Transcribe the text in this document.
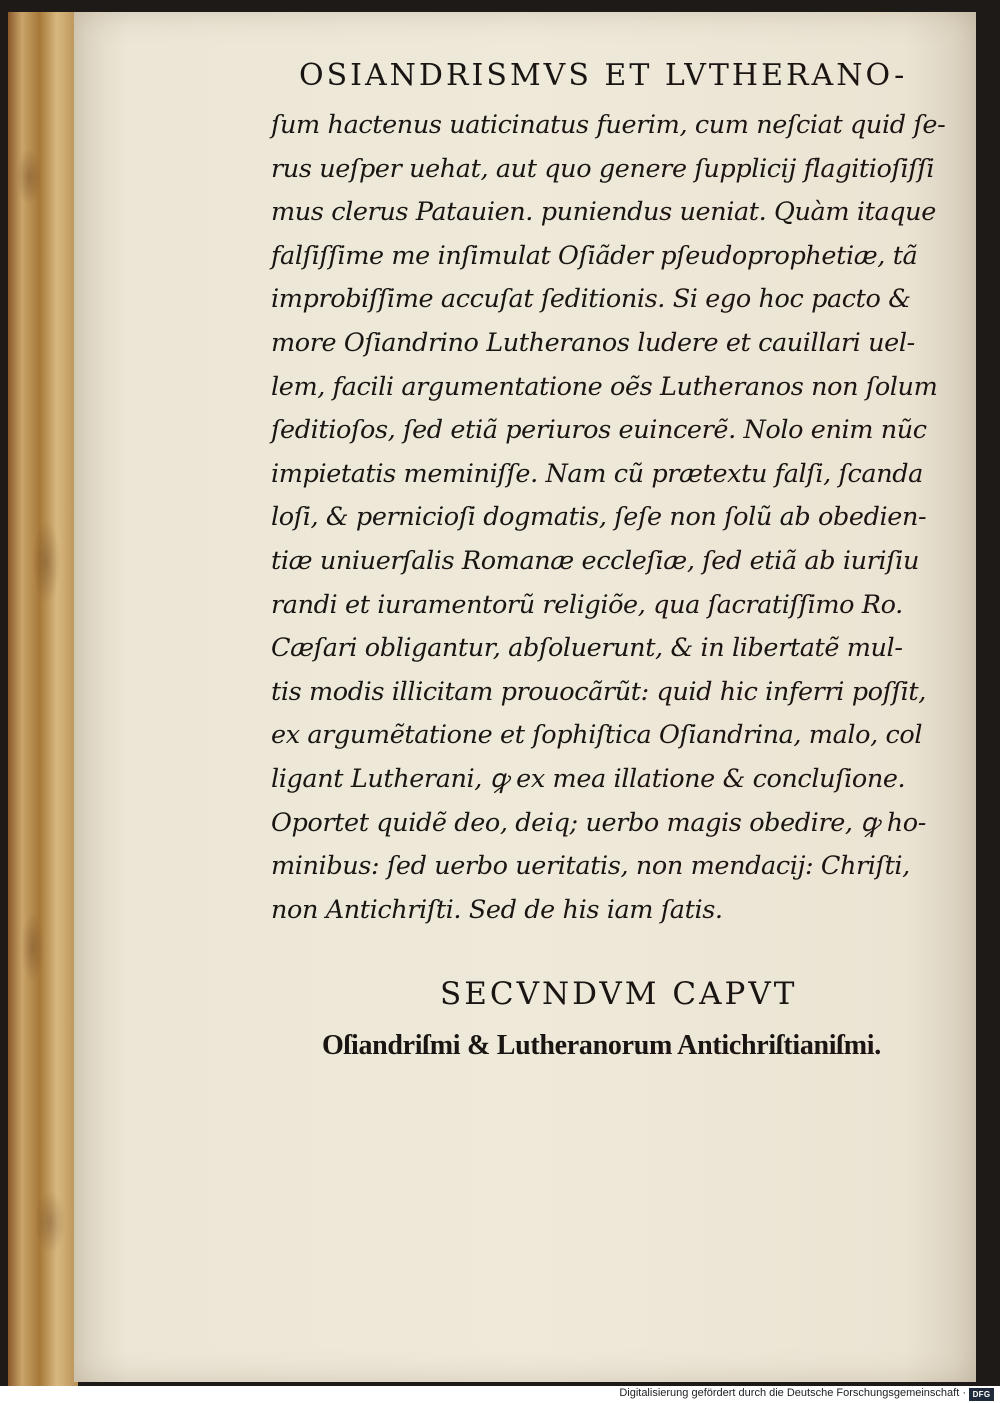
OSIANDRISMVS ET LVTHERANO-
ſum hactenus uaticinatus fuerim, cum neſciat quid ſe-
rus ueſper uehat, aut quo genere ſupplicij flagitioſiſſi
mus clerus Patauien. puniendus ueniat. Quàm itaque
falſiſſime me inſimulat Oſiãder pſeudoprophetiæ, tã
improbiſſime accuſat ſeditionis. Si ego hoc pacto &
more Oſiandrino Lutheranos ludere et cauillari uel-
lem, facili argumentatione oẽs Lutheranos non ſolum
ſeditioſos, ſed etiã periuros euincerẽ. Nolo enim nũc
impietatis meminiſſe. Nam cũ prætextu falſi, ſcanda
loſi, & pernicioſi dogmatis, ſeſe non ſolũ ab obedien-
tiæ uniuerſalis Romanæ eccleſiæ, ſed etiã ab iuriſiu
randi et iuramentorũ religiõe, qua ſacratiſſimo Ro.
Cæſari obligantur, abſoluerunt, & in libertatẽ mul-
tis modis illicitam prouocãrũt: quid hic inferri poſſit,
ex argumẽtatione et ſophiſtica Oſiandrina, malo, col
ligant Lutherani, ꝙ ex mea illatione & concluſione.
Oportet quidẽ deo, deiq; uerbo magis obedire, ꝙ ho-
minibus: ſed uerbo ueritatis, non mendacij: Chriſti,
non Antichriſti. Sed de his iam ſatis.
SECVNDVM CAPVT
Oſiandriſmi & Lutheranorum Antichriſtianiſmi.
Digitalisierung gefördert durch die Deutsche Forschungsgemeinschaft · DFG
